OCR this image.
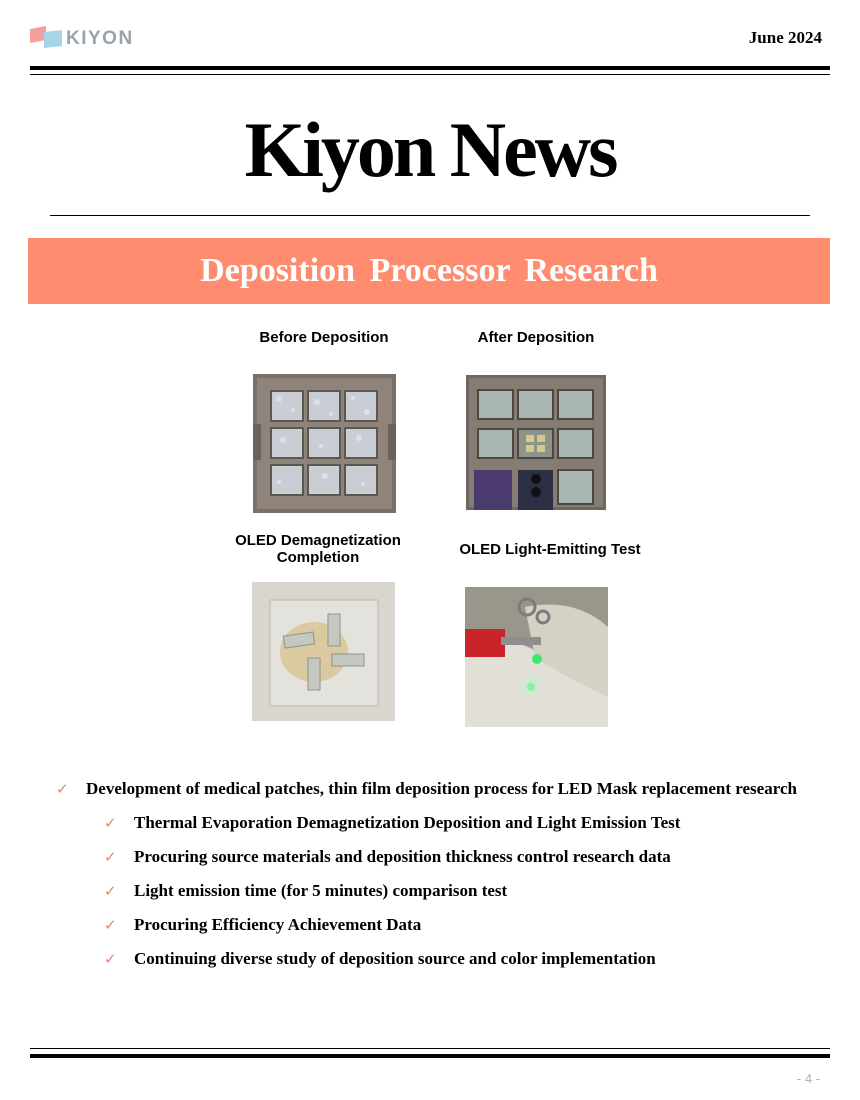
KIYON	June 2024
Kiyon News
Deposition Processor Research
Before Deposition	After Deposition
OLED Demagnetization Completion	OLED Light-Emitting Test
✓ Development of medical patches, thin film deposition process for LED Mask replacement research
✓ Thermal Evaporation Demagnetization Deposition and Light Emission Test
✓ Procuring source materials and deposition thickness control research data
✓ Light emission time (for 5 minutes) comparison test
✓ Procuring Efficiency Achievement Data
✓ Continuing diverse study of deposition source and color implementation
- 4 -
